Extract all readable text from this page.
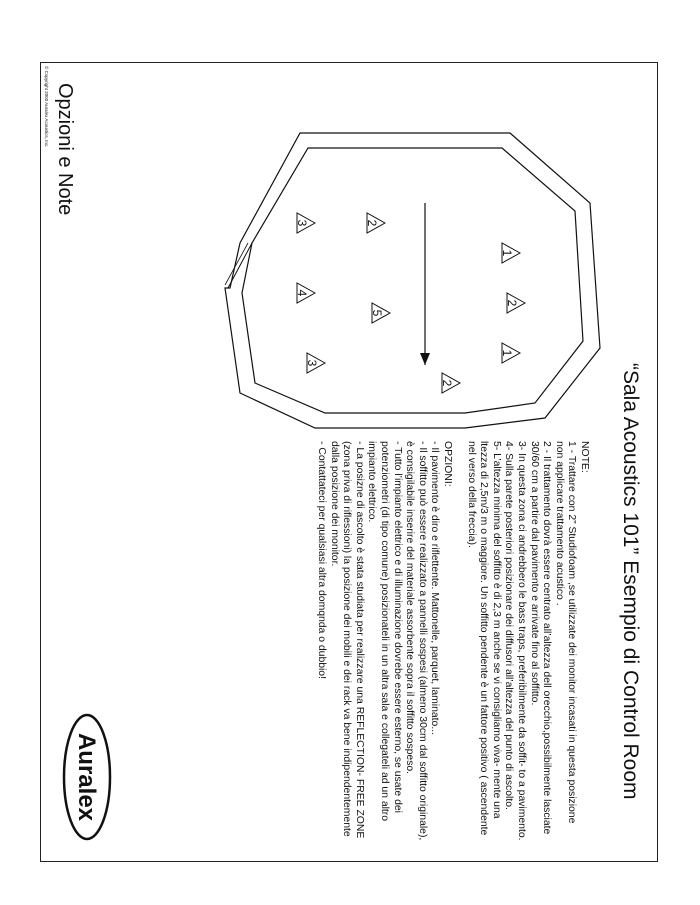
“Sala Acoustics 101” Esempio di Control Room
1
2
1
2
5
2
3
4
3

NOTE:

1 - Trattare con 2” Studiofoam ,se utilizzate dei monitor incasati in questa posizione non applicare trattamento acustico .

2 - Il trattamento dovrà essere centrato all’altezza dell orecchio,possibilmente lasciate 30/60 cm a partire dal pavimento e arrivate fino al soffitto.

3- In questa zona ci andrebbero le bass traps, preferibilmente da soffit- to a pavimento.

4- Sulla parete posteriori posizionare dei diffusori all’altezza del punto di ascolto.

5- L’altezza minima del soffitto è di 2,3 m anche se vi consigliamo viva- mente una ltezza di 2,5m/3 m o maggiore. Un soffitto pendente è un fattore positivo ( ascendente nel verso della freccia).

OPZIONI:

- Il pavimento è diro e riflettente. Mattonelle, parquet, laminato...

- Il soffitto può essere realizzato a pannelli sospesi (almeno 30cm dal soffitto originale), è consigilabile inserire del materiale assorbente sopra il soffitto sospeso.

- Tutto l’impianto elettrico e di illuminazione dovrebe essere esterno, se usate dei potenziometri (di tipo comune) posizionateli in un altra sala e collegateli ad un altro impianto elettrico.

- La posizne di ascolto è stata studiata per realizzare una REFLECTION- FREE ZONE (zona priva di riflessioni) la posizione dei mobili e dei rack va bene indipendentemente dalla posizione dei monitor.

- Contattateci per qualsiasi altra domqnda o dubbio!

Opzioni e Note
Auralex
© Copyright 2003 Auralex Acoustics, Inc.
